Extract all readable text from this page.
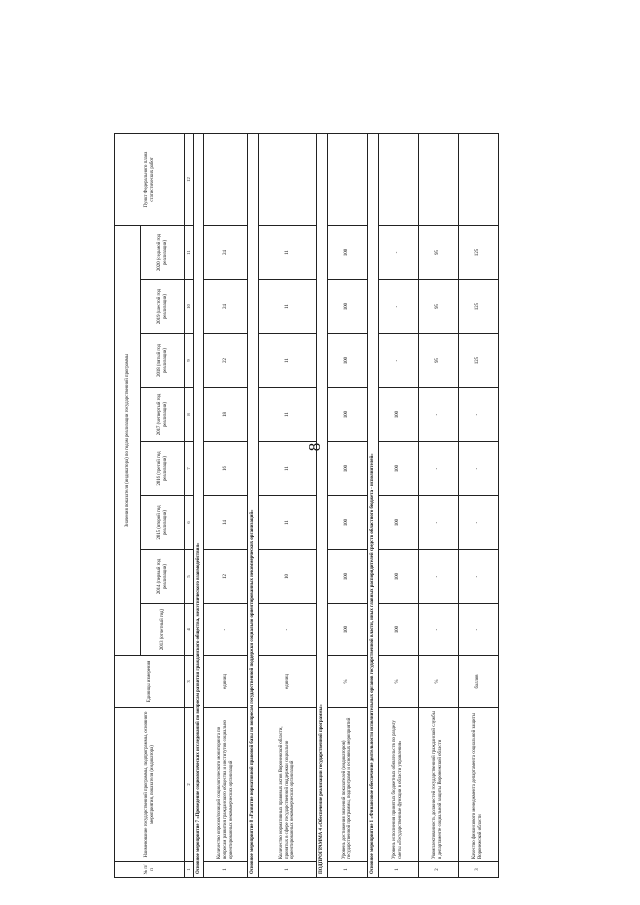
8
№ п/п	Наименование государственной программы, подпрограммы, основного мероприятия, показателя (индикатора)	Единицы измерения	Значения показателя (индикатора) по годам реализации государственной программы								Пункт Федерального плана статистических работ
			2013 (отчетный год)	2014 (первый год реализации)	2015 (второй год реализации)	2016 (третий год реализации)	2017 (четвертый год реализации)	2018 (пятый год реализации)	2019 (шестой год реализации)	2020 (седьмой год реализации)	
1	2	3	4	5	6	7	8	9	10	11	12
Основное мероприятие 7 «Проведение социологических исследований по вопросам развития гражданского общества, межэтнического взаимодействия»											
1	Количество опросов/позиций социологического мониторинга по вопросам развития гражданского общества и институтов социально ориентированных некоммерческих организаций	единиц	-	12	14	16	18	22	24	24	
Основное мероприятие 8 «Развитие нормативной правовой базы по вопросам государственной поддержки социально ориентированных некоммерческих организаций»											
1	Количество нормативных правовых актов Воронежской области, принятых в сфере государственной поддержки социально ориентированных некоммерческих организаций	единиц	-	10	11	11	11	11	11	11	
ПОДПРОГРАММА 4 «Обеспечение реализации государственной программы»											
1	Уровень достижения значений показателей (индикаторов) государственной программы, подпрограмм и основных мероприятий	%	100	100	100	100	100	100	100	100	
Основное мероприятие 1 «Финансовое обеспечение деятельности исполнительных органов государственной власти, иных главных распорядителей средств областного бюджета - исполнителей»											
1	Уровень исполнения принятых бюджетных обязательств по разделу сметы «Государственные функции в области управления»	%	100	100	100	100	100	-	-	-	
2	Укомплектованность должностей государственной гражданской службы в департаменте социальной защиты Воронежской области	%	-	-	-	-	-	95	95	95	
3	Качество финансового менеджмента департамента социальной защиты Воронежской области	баллов	-	-	-	-	-	125	125	125	
